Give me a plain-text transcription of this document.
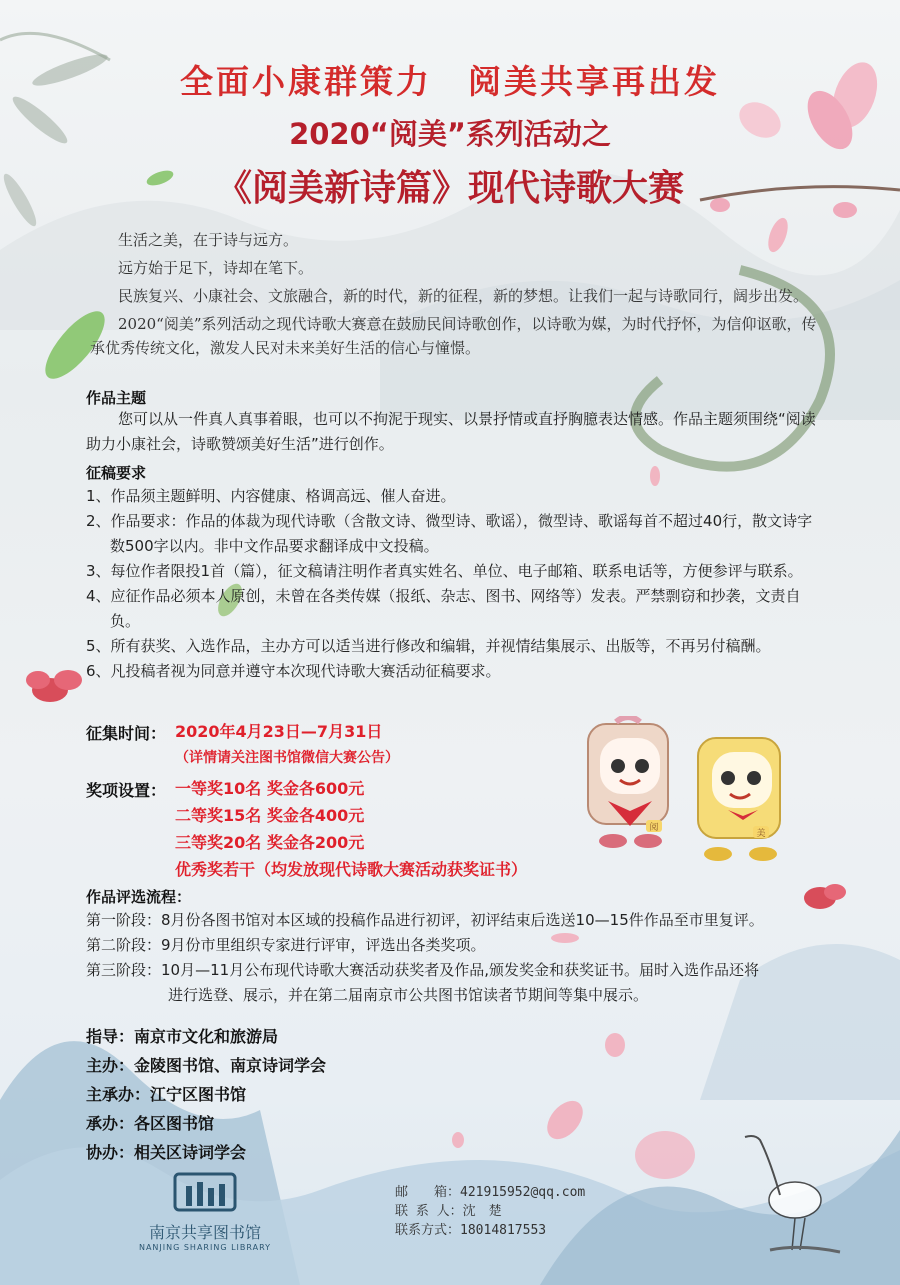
全面小康群策力　阅美共享再出发
2020“阅美”系列活动之
《阅美新诗篇》现代诗歌大赛

生活之美，在于诗与远方。

远方始于足下，诗却在笔下。

民族复兴、小康社会、文旅融合，新的时代，新的征程，新的梦想。让我们一起与诗歌同行，阔步出发。

2020“阅美”系列活动之现代诗歌大赛意在鼓励民间诗歌创作，以诗歌为媒，为时代抒怀，为信仰讴歌，传承优秀传统文化，激发人民对未来美好生活的信心与憧憬。

作品主题
您可以从一件真人真事着眼，也可以不拘泥于现实、以景抒情或直抒胸臆表达情感。作品主题须围绕“阅读助力小康社会，诗歌赞颂美好生活”进行创作。
征稿要求
1、作品须主题鲜明、内容健康、格调高远、催人奋进。
2、作品要求：作品的体裁为现代诗歌（含散文诗、微型诗、歌谣），微型诗、歌谣每首不超过40行，散文诗字数500字以内。非中文作品要求翻译成中文投稿。
3、每位作者限投1首（篇），征文稿请注明作者真实姓名、单位、电子邮箱、联系电话等，方便参评与联系。
4、应征作品必须本人原创，未曾在各类传媒（报纸、杂志、图书、网络等）发表。严禁剽窃和抄袭，文责自负。
5、所有获奖、入选作品，主办方可以适当进行修改和编辑，并视情结集展示、出版等，不再另付稿酬。
6、凡投稿者视为同意并遵守本次现代诗歌大赛活动征稿要求。
征集时间： 2020年4月23日—7月31日
（详情请关注图书馆微信大赛公告）
奖项设置： 一等奖10名 奖金各600元
二等奖15名 奖金各400元
三等奖20名 奖金各200元
优秀奖若干（均发放现代诗歌大赛活动获奖证书）
阅
美
作品评选流程：
第一阶段：8月份各图书馆对本区域的投稿作品进行初评，初评结束后选送10—15件作品至市里复评。
第二阶段：9月份市里组织专家进行评审，评选出各类奖项。
第三阶段：10月—11月公布现代诗歌大赛活动获奖者及作品,颁发奖金和获奖证书。届时入选作品还将
进行选登、展示，并在第二届南京市公共图书馆读者节期间等集中展示。
指导：南京市文化和旅游局
主办：金陵图书馆、南京诗词学会
主承办：江宁区图书馆
承办：各区图书馆
协办：相关区诗词学会
南京共享图书馆
NANJING SHARING LIBRARY
邮　　箱：421915952@qq.com
联 系 人：沈　楚
联系方式：18014817553
